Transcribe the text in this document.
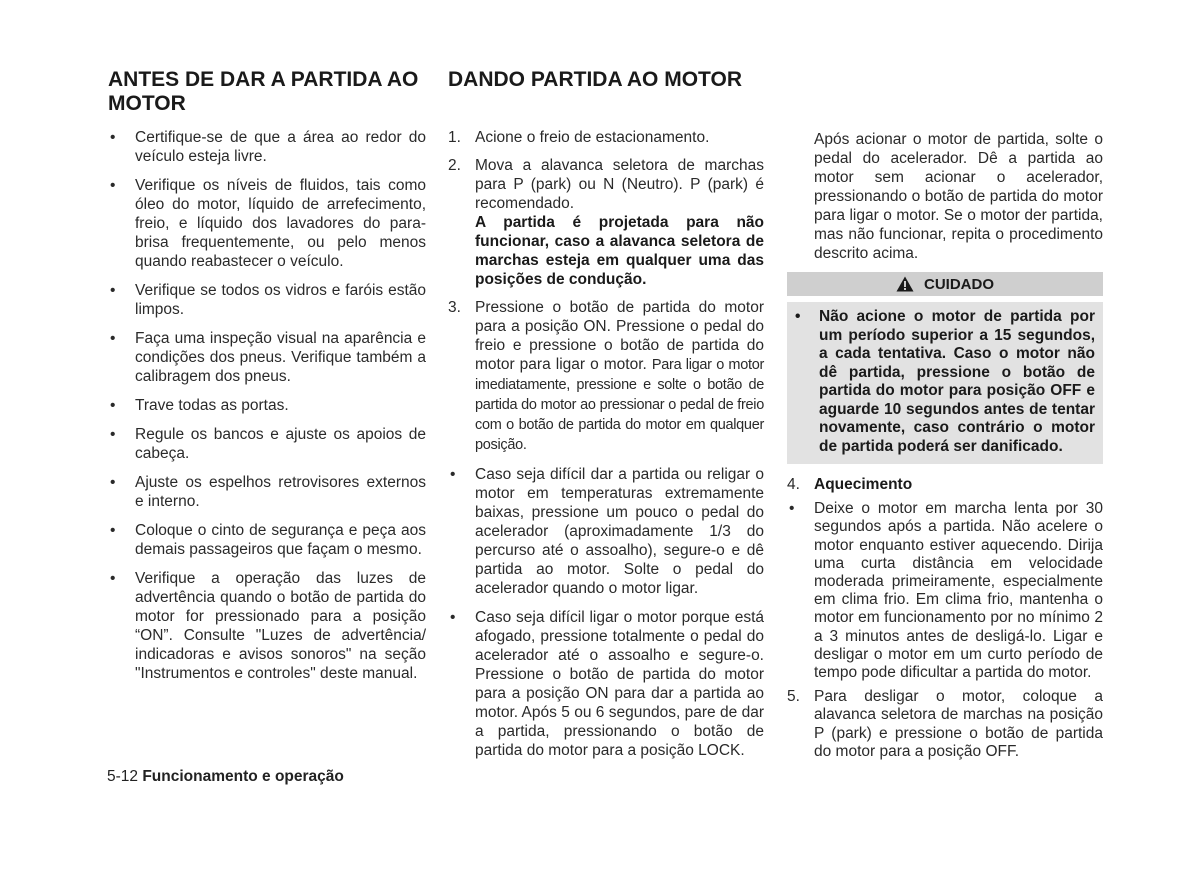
ANTES DE DAR A PARTIDA AO MOTOR
• Certifique-se de que a área ao redor do veículo esteja livre.
• Verifique os níveis de fluidos, tais como óleo do motor, líquido de arrefecimento, freio, e líquido dos lavadores do para-brisa frequentemente, ou pelo menos quando reabastecer o veículo.
• Verifique se todos os vidros e faróis estão limpos.
• Faça uma inspeção visual na aparência e condições dos pneus. Verifique também a calibragem dos pneus.
• Trave todas as portas.
• Regule os bancos e ajuste os apoios de cabeça.
• Ajuste os espelhos retrovisores externos e interno.
• Coloque o cinto de segurança e peça aos demais passageiros que façam o mesmo.
• Verifique a operação das luzes de advertência quando o botão de partida do motor for pressionado para a posição “ON”. Consulte "Luzes de advertência/ indicadoras e avisos sonoros" na seção "Instrumentos e controles" deste manual.
DANDO PARTIDA AO MOTOR
1. Acione o freio de estacionamento.
2. Mova a alavanca seletora de marchas para P (park) ou N (Neutro). P (park) é recomendado.
A partida é projetada para não funcionar, caso a alavanca seletora de marchas esteja em qualquer uma das posições de condução.
3. Pressione o botão de partida do motor para a posição ON. Pressione o pedal do freio e pressione o botão de partida do motor para ligar o motor. Para ligar o motor imediatamente, pressione e solte o botão de partida do motor ao pressionar o pedal de freio com o botão de partida do motor em qualquer posição.
• Caso seja difícil dar a partida ou religar o motor em temperaturas extremamente baixas, pressione um pouco o pedal do acelerador (aproximadamente 1/3 do percurso até o assoalho), segure-o e dê partida ao motor. Solte o pedal do acelerador quando o motor ligar.
• Caso seja difícil ligar o motor porque está afogado, pressione totalmente o pedal do acelerador até o assoalho e segure-o. Pressione o botão de partida do motor para a posição ON para dar a partida ao motor. Após 5 ou 6 segundos, pare de dar a partida, pressionando o botão de partida do motor para a posição LOCK.
Após acionar o motor de partida, solte o pedal do acelerador. Dê a partida ao motor sem acionar o acelerador, pressionando o botão de partida do motor para ligar o motor. Se o motor der partida, mas não funcionar, repita o procedimento descrito acima.
CUIDADO
• Não acione o motor de partida por um período superior a 15 segundos, a cada tentativa. Caso o motor não dê partida, pressione o botão de partida do motor para posição OFF e aguarde 10 segundos antes de tentar novamente, caso contrário o motor de partida poderá ser danificado.
4. Aquecimento
• Deixe o motor em marcha lenta por 30 segundos após a partida. Não acelere o motor enquanto estiver aquecendo. Dirija uma curta distância em velocidade moderada primeiramente, especialmente em clima frio. Em clima frio, mantenha o motor em funcionamento por no mínimo 2 a 3 minutos antes de desligá-lo. Ligar e desligar o motor em um curto período de tempo pode dificultar a partida do motor.
5. Para desligar o motor, coloque a alavanca seletora de marchas na posição P (park) e pressione o botão de partida do motor para a posição OFF.
5-12 Funcionamento e operação
